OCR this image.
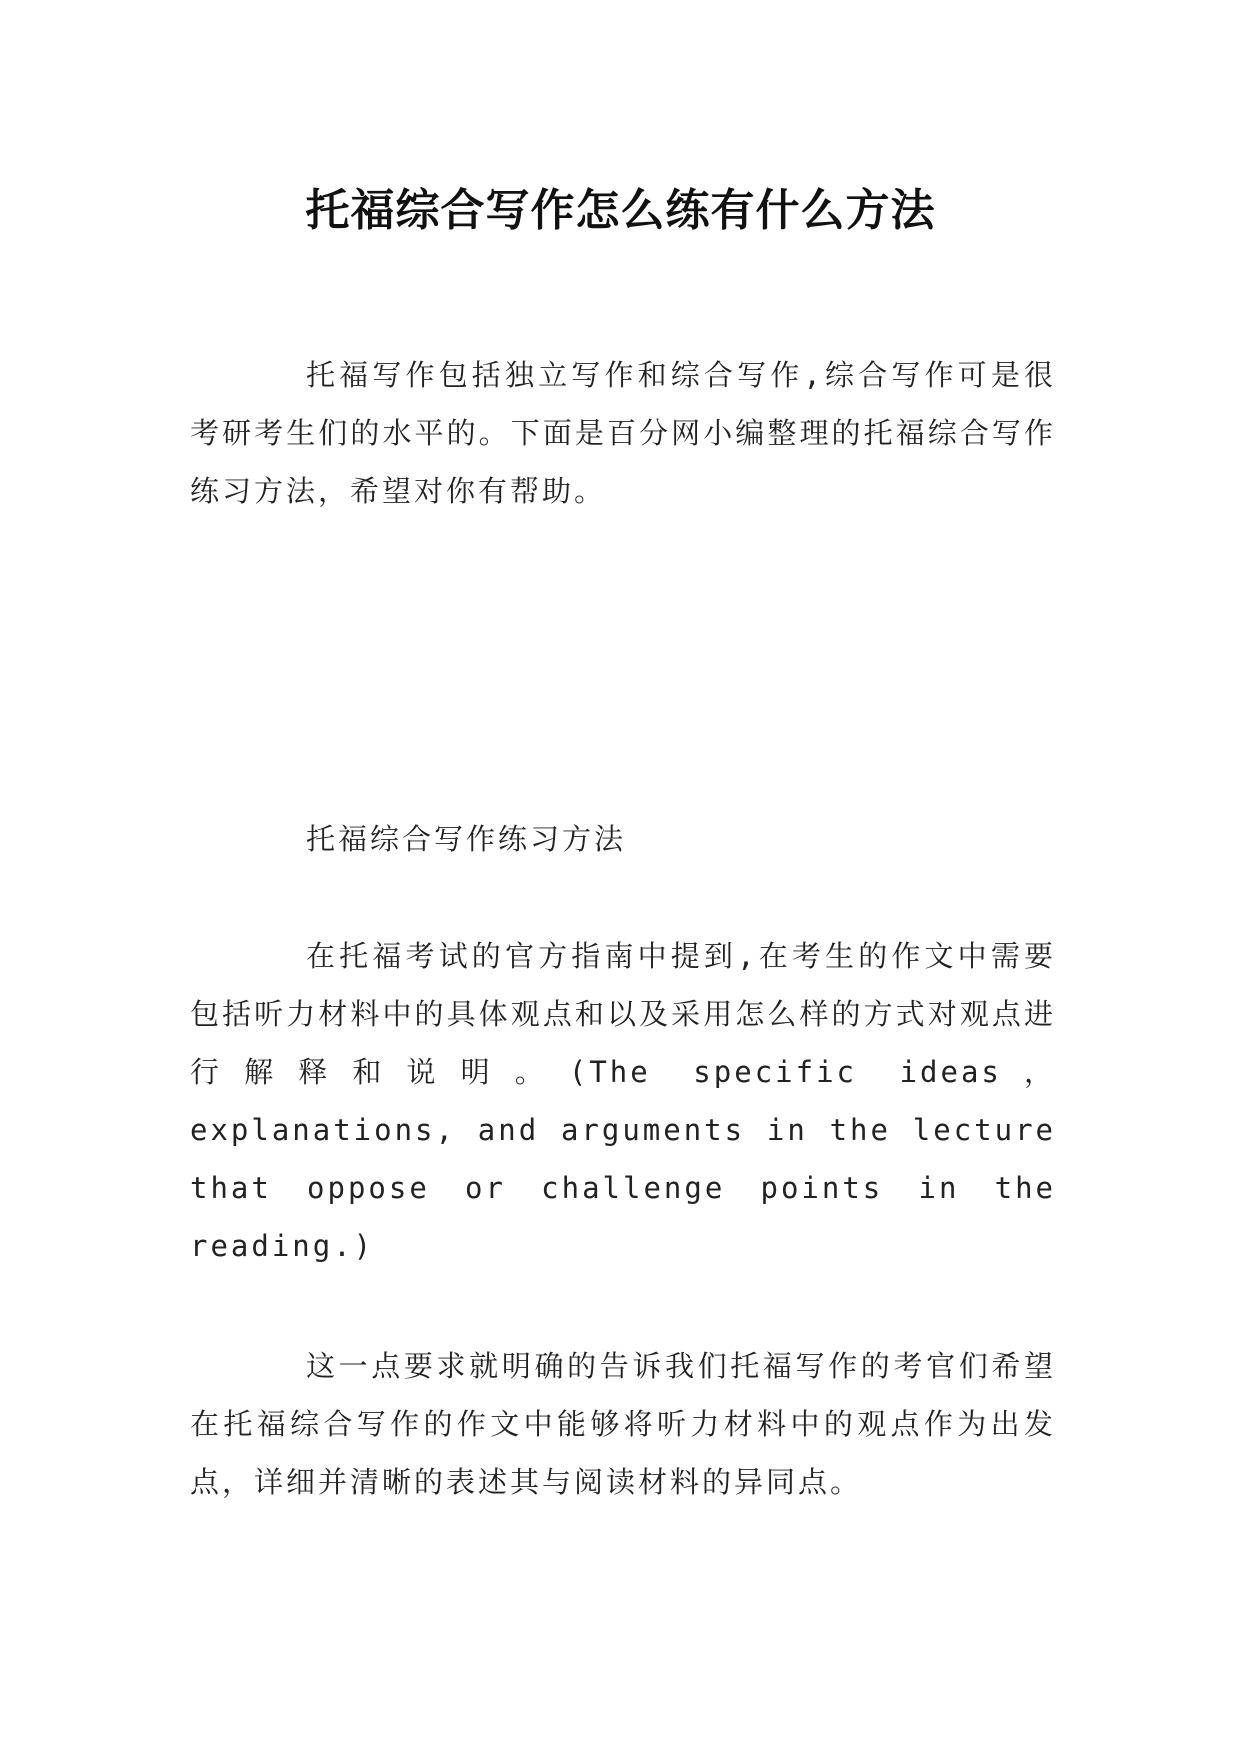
托福综合写作怎么练有什么方法

托福写作包括独立写作和综合写作,综合写作可是很考研考生们的水平的。下面是百分网小编整理的托福综合写作练习方法，希望对你有帮助。

托福综合写作练习方法

在托福考试的官方指南中提到,在考生的作文中需要包括听力材料中的具体观点和以及采用怎么样的方式对观点进行解释和说明。(The specific ideas， explanations, and arguments in the lecture that oppose or challenge points in the reading.)

这一点要求就明确的告诉我们托福写作的考官们希望在托福综合写作的作文中能够将听力材料中的观点作为出发点，详细并清晰的表述其与阅读材料的异同点。
